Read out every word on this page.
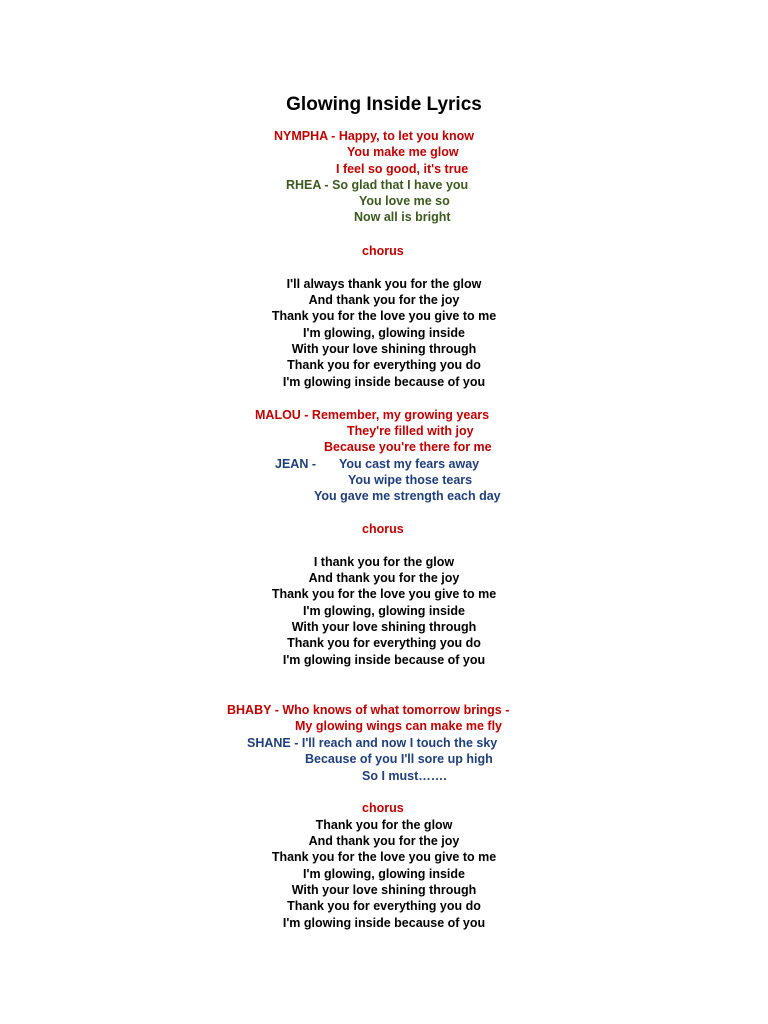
Glowing Inside Lyrics
NYMPHA - Happy, to let you know
You make me glow
I feel so good, it's true
RHEA - So glad that I have you
You love me so
Now all is bright
chorus
I'll always thank you for the glow
And thank you for the joy
Thank you for the love you give to me
I'm glowing, glowing inside
With your love shining through
Thank you for everything you do
I'm glowing inside because of you
MALOU - Remember, my growing years
They're filled with joy
Because you're there for me
JEAN - You cast my fears away
You wipe those tears
You gave me strength each day
chorus
I thank you for the glow
And thank you for the joy
Thank you for the love you give to me
I'm glowing, glowing inside
With your love shining through
Thank you for everything you do
I'm glowing inside because of you
BHABY - Who knows of what tomorrow brings -
My glowing wings can make me fly
SHANE - I'll reach and now I touch the sky
Because of you I'll sore up high
So I must…….
chorus
Thank you for the glow
And thank you for the joy
Thank you for the love you give to me
I'm glowing, glowing inside
With your love shining through
Thank you for everything you do
I'm glowing inside because of you
